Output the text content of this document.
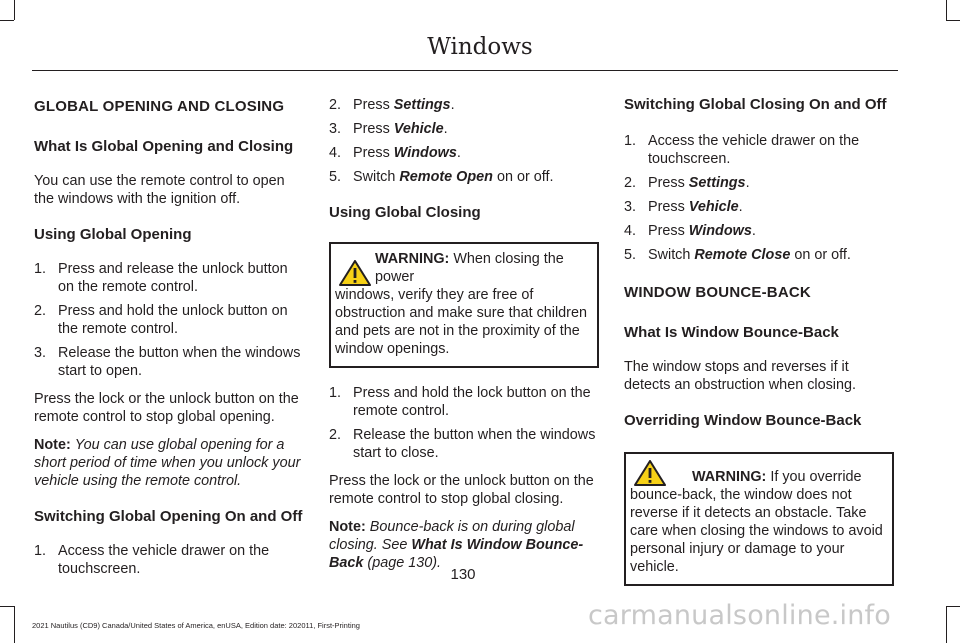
Windows
GLOBAL OPENING AND CLOSING
What Is Global Opening and Closing
You can use the remote control to open the windows with the ignition off.
Using Global Opening
1. Press and release the unlock button on the remote control.
2. Press and hold the unlock button on the remote control.
3. Release the button when the windows start to open.
Press the lock or the unlock button on the remote control to stop global opening.
Note: You can use global opening for a short period of time when you unlock your vehicle using the remote control.
Switching Global Opening On and Off
1. Access the vehicle drawer on the touchscreen.
2. Press Settings.
3. Press Vehicle.
4. Press Windows.
5. Switch Remote Open on or off.
Using Global Closing
WARNING: When closing the power
windows, verify they are free of obstruction and make sure that children and pets are not in the proximity of the window openings.
1. Press and hold the lock button on the remote control.
2. Release the button when the windows start to close.
Press the lock or the unlock button on the remote control to stop global closing.
Note: Bounce-back is on during global closing. See What Is Window Bounce-Back (page 130).
Switching Global Closing On and Off
1. Access the vehicle drawer on the touchscreen.
2. Press Settings.
3. Press Vehicle.
4. Press Windows.
5. Switch Remote Close on or off.
WINDOW BOUNCE-BACK
What Is Window Bounce-Back
The window stops and reverses if it detects an obstruction when closing.
Overriding Window Bounce-Back
WARNING: If you override
bounce-back, the window does not reverse if it detects an obstacle. Take care when closing the windows to avoid personal injury or damage to your vehicle.
130
2021 Nautilus (CD9) Canada/United States of America, enUSA, Edition date: 202011, First-Printing	carmanualsonline.info
